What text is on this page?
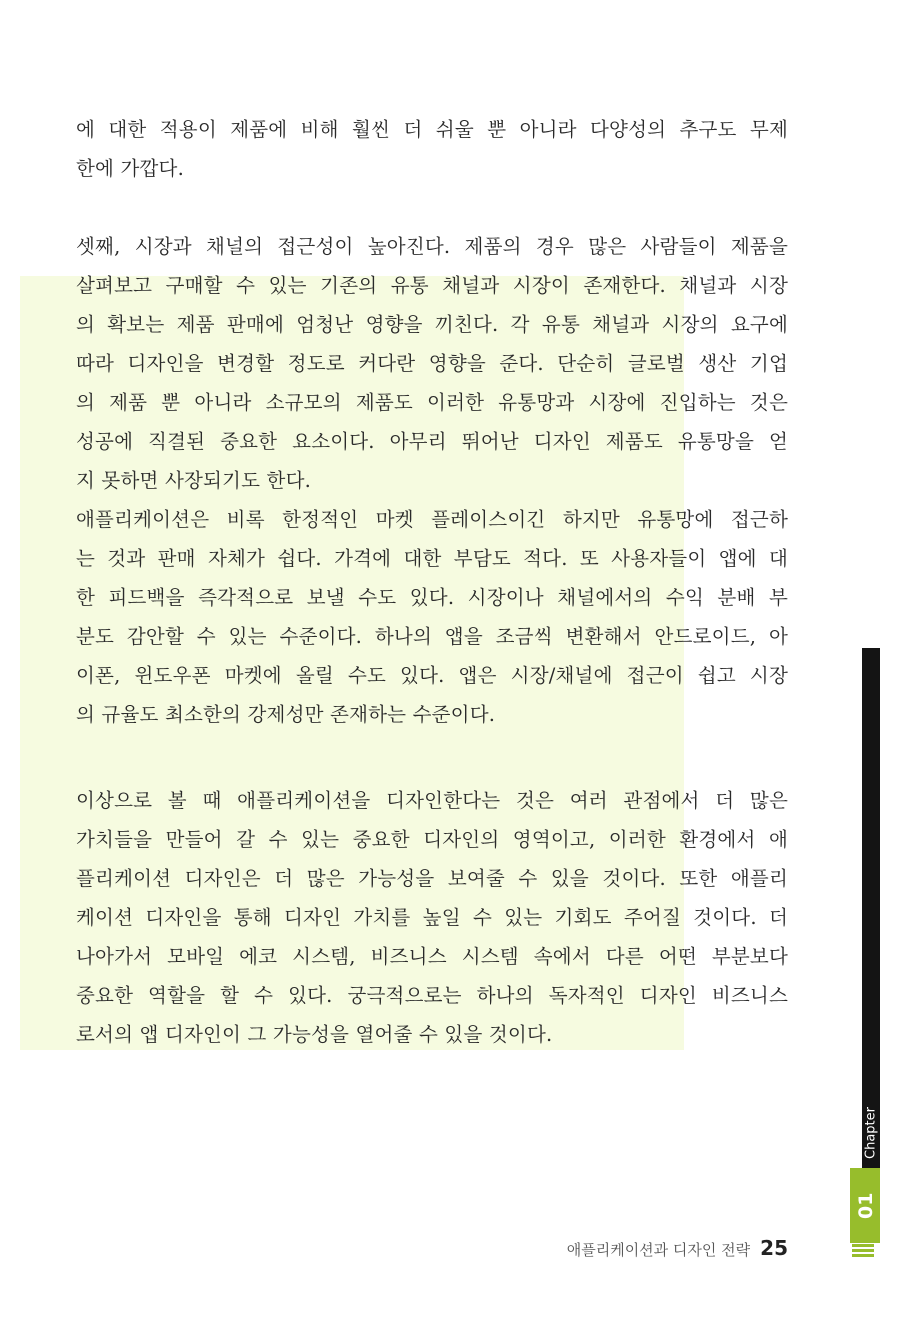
에 대한 적용이 제품에 비해 훨씬 더 쉬울 뿐 아니라 다양성의 추구도 무제
한에 가깝다.
셋째, 시장과 채널의 접근성이 높아진다. 제품의 경우 많은 사람들이 제품을
살펴보고 구매할 수 있는 기존의 유통 채널과 시장이 존재한다. 채널과 시장
의 확보는 제품 판매에 엄청난 영향을 끼친다. 각 유통 채널과 시장의 요구에
따라 디자인을 변경할 정도로 커다란 영향을 준다. 단순히 글로벌 생산 기업
의 제품 뿐 아니라 소규모의 제품도 이러한 유통망과 시장에 진입하는 것은
성공에 직결된 중요한 요소이다. 아무리 뛰어난 디자인 제품도 유통망을 얻
지 못하면 사장되기도 한다.
애플리케이션은 비록 한정적인 마켓 플레이스이긴 하지만 유통망에 접근하
는 것과 판매 자체가 쉽다. 가격에 대한 부담도 적다. 또 사용자들이 앱에 대
한 피드백을 즉각적으로 보낼 수도 있다. 시장이나 채널에서의 수익 분배 부
분도 감안할 수 있는 수준이다. 하나의 앱을 조금씩 변환해서 안드로이드, 아
이폰, 윈도우폰 마켓에 올릴 수도 있다. 앱은 시장/채널에 접근이 쉽고 시장
의 규율도 최소한의 강제성만 존재하는 수준이다.
이상으로 볼 때 애플리케이션을 디자인한다는 것은 여러 관점에서 더 많은
가치들을 만들어 갈 수 있는 중요한 디자인의 영역이고, 이러한 환경에서 애
플리케이션 디자인은 더 많은 가능성을 보여줄 수 있을 것이다. 또한 애플리
케이션 디자인을 통해 디자인 가치를 높일 수 있는 기회도 주어질 것이다. 더
나아가서 모바일 에코 시스템, 비즈니스 시스템 속에서 다른 어떤 부분보다
중요한 역할을 할 수 있다. 궁극적으로는 하나의 독자적인 디자인 비즈니스
로서의 앱 디자인이 그 가능성을 열어줄 수 있을 것이다.
Chapter
01
애플리케이션과 디자인 전략 25
